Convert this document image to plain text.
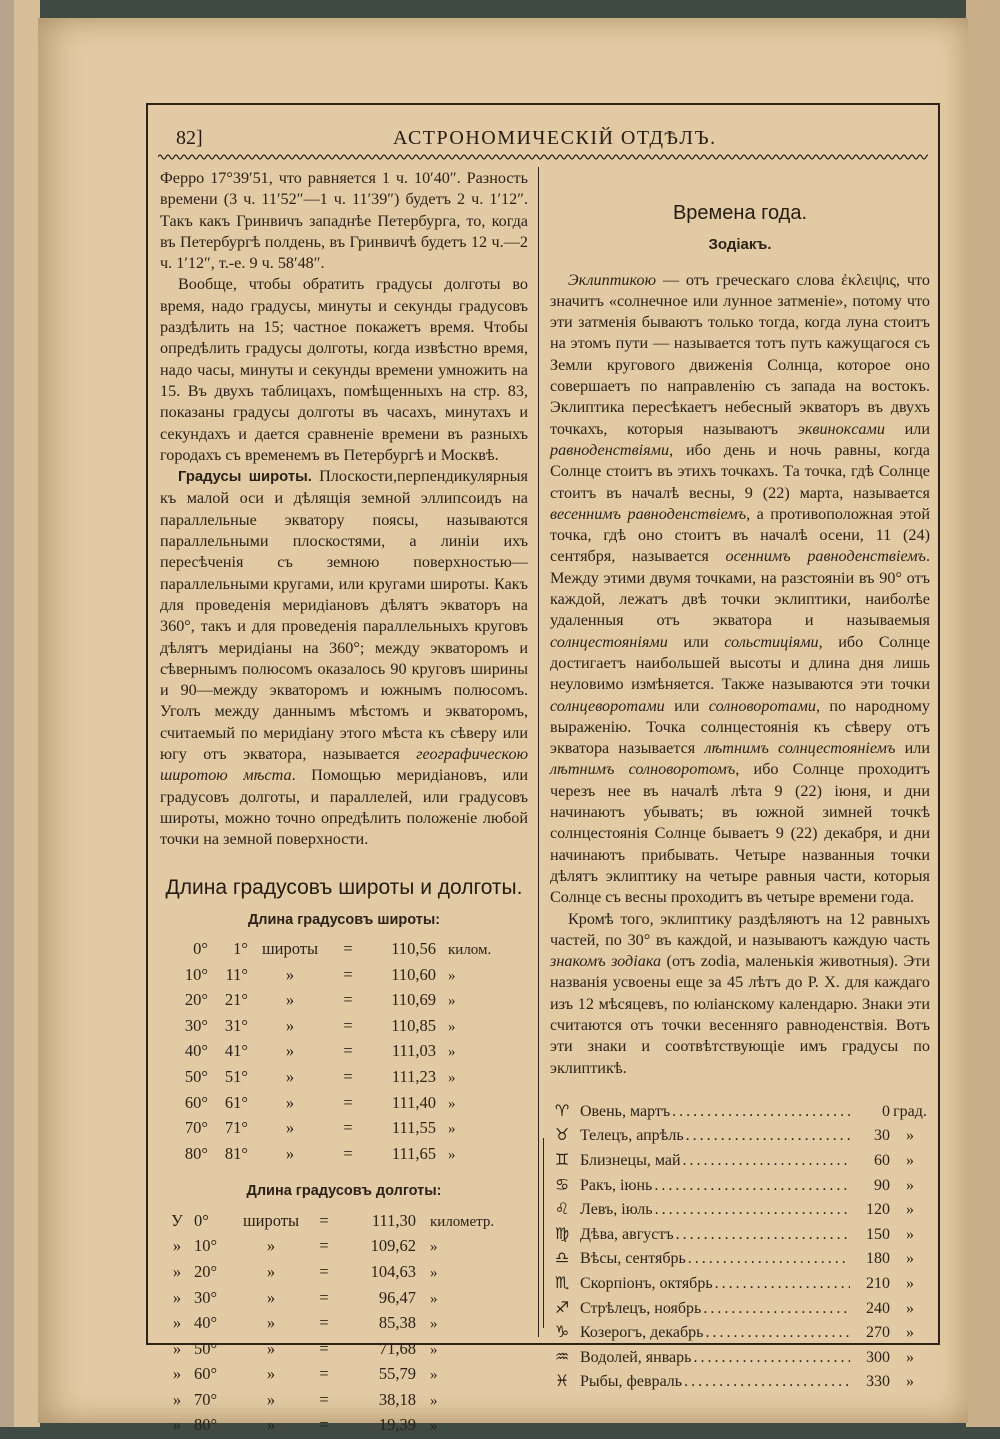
82]	АСТРОНОМИЧЕСКІЙ ОТДѢЛЪ.

Ферро 17°39′51, что равняется 1 ч. 10′40″. Разность времени (3 ч. 11′52″—1 ч. 11′39″) будетъ 2 ч. 1′12″. Такъ какъ Гринвичъ западнѣе Петербурга, то, когда въ Петербургѣ полдень, въ Гринвичѣ будетъ 12 ч.—2 ч. 1′12″, т.-е. 9 ч. 58′48″.

Вообще, чтобы обратить градусы долготы во время, надо градусы, минуты и секунды градусовъ раздѣлить на 15; частное покажетъ время. Чтобы опредѣлить градусы долготы, когда извѣстно время, надо часы, минуты и секунды времени умножить на 15. Въ двухъ таблицахъ, помѣщенныхъ на стр. 83, показаны градусы долготы въ часахъ, минутахъ и секундахъ и дается сравненіе времени въ разныхъ городахъ съ временемъ въ Петербургѣ и Москвѣ.

Градусы широты. Плоскости,перпендикулярныя къ малой оси и дѣлящія земной эллипсоидъ на параллельные экватору поясы, называются параллельными плоскостями, а линіи ихъ пересѣченія съ земною поверхностью—параллельными кругами, или кругами широты. Какъ для проведенія меридіановъ дѣлятъ экваторъ на 360°, такъ и для проведенія параллельныхъ круговъ дѣлятъ меридіаны на 360°; между экваторомъ и сѣвернымъ полюсомъ оказалось 90 круговъ ширины и 90—между экваторомъ и южнымъ полюсомъ. Уголъ между даннымъ мѣстомъ и экваторомъ, считаемый по меридіану этого мѣста къ сѣверу или югу отъ экватора, называется географическою широтою мѣста. Помощью меридіановъ, или градусовъ долготы, и параллелей, или градусовъ широты, можно точно опредѣлить положеніе любой точки на земной поверхности.

Длина градусовъ широты и долготы.
Длина градусовъ широты:
0°	1° широты	=	110,56 килом.
10°	11°	»	=	110,60 »
20°	21°	»	=	110,69 »
30°	31°	»	=	110,85 »
40°	41°	»	=	111,03 »
50°	51°	»	=	111,23 »
60°	61°	»	=	111,40 »
70°	71°	»	=	111,55 »
80°	81°	»	=	111,65 »
Длина градусовъ долготы:
У 0°	широты	=	111,30 километр.
» 10°	»	=	109,62 »
» 20°	»	=	104,63 »
» 30°	»	=	96,47 »
» 40°	»	=	85,38 »
» 50°	»	=	71,68 »
» 60°	»	=	55,79 »
» 70°	»	=	38,18 »
» 80°	»	=	19,39 »
Времена года.
Зодіакъ.

Эклиптикою — отъ греческаго слова ἐκλειψις, что значитъ «солнечное или лунное затменіе», потому что эти затменія бываютъ только тогда, когда луна стоитъ на этомъ пути — называется тотъ путь кажущагося съ Земли кругового движенія Солнца, которое оно совершаетъ по направленію съ запада на востокъ. Эклиптика пересѣкаетъ небесный экваторъ въ двухъ точкахъ, которыя называютъ эквинокcами или равноденствіями, ибо день и ночь равны, когда Солнце стоитъ въ этихъ точкахъ. Та точка, гдѣ Солнце стоитъ въ началѣ весны, 9 (22) марта, называется весеннимъ равноденствіемъ, а противоположная этой точка, гдѣ оно стоитъ въ началѣ осени, 11 (24) сентября, называется осеннимъ равноденствіемъ. Между этими двумя точками, на разстояніи въ 90° отъ каждой, лежатъ двѣ точки эклиптики, наиболѣе удаленныя отъ экватора и называемыя солнцестояніями или сольстиціями, ибо Солнце достигаетъ наибольшей высоты и длина дня лишь неуловимо измѣняется. Также называются эти точки солнцеворотами или солноворотами, по народному выраженію. Точка солнцестоянія къ сѣверу отъ экватора называется лѣтнимъ солнцестояніемъ или лѣтнимъ солноворотомъ, ибо Солнце проходитъ черезъ нее въ началѣ лѣта 9 (22) іюня, и дни начинаютъ убывать; въ южной зимней точкѣ солнцестоянія Солнце бываетъ 9 (22) декабря, и дни начинаютъ прибывать. Четыре названныя точки дѣлятъ эклиптику на четыре равныя части, которыя Солнце съ весны проходитъ въ четыре времени года.

Кромѣ того, эклиптику раздѣляютъ на 12 равныхъ частей, по 30° въ каждой, и называютъ каждую часть знакомъ зодіака (отъ zоdіа, маленькія животныя). Эти названія усвоены еще за 45 лѣтъ до Р. Х. для каждаго изъ 12 мѣсяцевъ, по юліанскому календарю. Знаки эти считаются отъ точки весенняго равноденствія. Вотъ эти знаки и соотвѣтствующіе имъ градусы по эклиптикѣ.

♈ Овень, мартъ .....	0 град.
♉ Телецъ, апрѣль .....	30	»
♊ Близнецы, май .....	60	»
♋ Ракъ, іюнь .....	90	»
♌ Левъ, іюль .....	120	»
♍ Дѣва, августъ .....	150	»
♎ Вѣсы, сентябрь .....	180	»
♏ Скорпіонъ, октябрь .....	210	»
♐ Стрѣлецъ, ноябрь .....	240	»
♑ Козерогъ, декабрь .....	270	»
♒ Водолей, январь .....	300	»
♓ Рыбы, февраль .....	330	»
